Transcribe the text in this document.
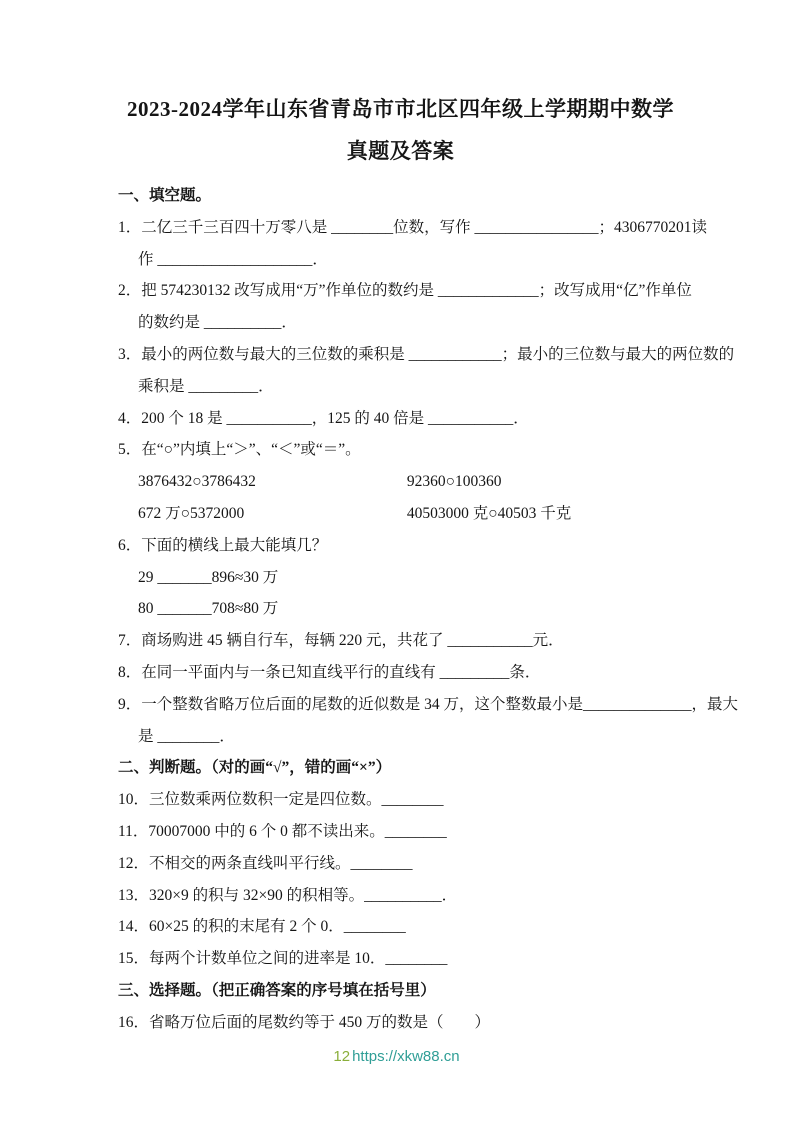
2023-2024学年山东省青岛市市北区四年级上学期期中数学
真题及答案
一、填空题。
1．二亿三千三百四十万零八是 ________位数，写作 ________________；4306770201读
作 ____________________．
2．把 574230132 改写成用“万”作单位的数约是 _____________；改写成用“亿”作单位
的数约是 __________．
3．最小的两位数与最大的三位数的乘积是 ____________；最小的三位数与最大的两位数的
乘积是 _________．
4．200 个 18 是 ___________，125 的 40 倍是 ___________．
5．在“○”内填上“＞”、“＜”或“＝”。
3876432○3786432	92360○100360
672 万○5372000	40503000 克○40503 千克
6．下面的横线上最大能填几？
29 _______896≈30 万
80 _______708≈80 万
7．商场购进 45 辆自行车，每辆 220 元，共花了 ___________元．
8．在同一平面内与一条已知直线平行的直线有 _________条．
9．一个整数省略万位后面的尾数的近似数是 34 万，这个整数最小是______________，最大
是 ________．
二、判断题。（对的画“√”，错的画“×”）
10．三位数乘两位数积一定是四位数。________
11．70007000 中的 6 个 0 都不读出来。________
12．不相交的两条直线叫平行线。________
13．320×9 的积与 32×90 的积相等。__________．
14．60×25 的积的末尾有 2 个 0．________
15．每两个计数单位之间的进率是 10．________
三、选择题。（把正确答案的序号填在括号里）
16．省略万位后面的尾数约等于 450 万的数是（　　）
12 https://xkw88.cn
